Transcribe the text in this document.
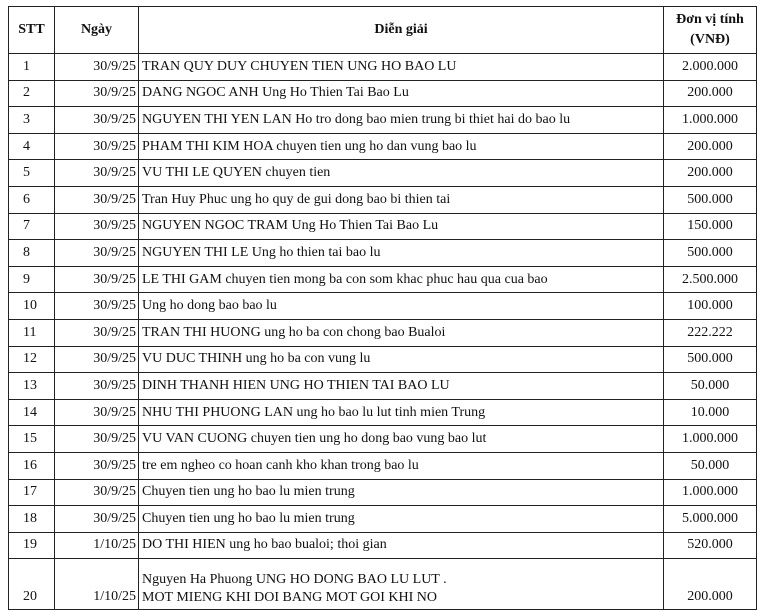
STT	Ngày	Diễn giải	Đơn vị tính
(VNĐ)

1	30/9/25	TRAN QUY DUY CHUYEN TIEN UNG HO BAO LU	2.000.000
2	30/9/25	DANG NGOC ANH Ung Ho Thien Tai Bao Lu	200.000
3	30/9/25	NGUYEN THI YEN LAN Ho tro dong bao mien trung bi thiet hai do bao lu	1.000.000
4	30/9/25	PHAM THI KIM HOA chuyen tien ung ho dan vung bao lu	200.000
5	30/9/25	VU THI LE QUYEN chuyen tien	200.000
6	30/9/25	Tran Huy Phuc ung ho quy de gui dong bao bi thien tai	500.000
7	30/9/25	NGUYEN NGOC TRAM Ung Ho Thien Tai Bao Lu	150.000
8	30/9/25	NGUYEN THI LE Ung ho thien tai bao lu	500.000
9	30/9/25	LE THI GAM chuyen tien mong ba con som khac phuc hau qua cua bao	2.500.000
10	30/9/25	Ung ho dong bao bao lu	100.000
11	30/9/25	TRAN THI HUONG ung ho ba con chong bao Bualoi	222.222
12	30/9/25	VU DUC THINH ung ho ba con vung lu	500.000
13	30/9/25	DINH THANH HIEN UNG HO THIEN TAI BAO LU	50.000
14	30/9/25	NHU THI PHUONG LAN ung ho bao lu lut tinh mien Trung	10.000
15	30/9/25	VU VAN CUONG chuyen tien ung ho dong bao vung bao lut	1.000.000
16	30/9/25	tre em ngheo co hoan canh kho khan trong bao lu	50.000
17	30/9/25	Chuyen tien ung ho bao lu mien trung	1.000.000
18	30/9/25	Chuyen tien ung ho bao lu mien trung	5.000.000
19	1/10/25	DO THI HIEN ung ho bao bualoi; thoi gian	520.000
20	1/10/25	Nguyen Ha Phuong UNG HO DONG BAO LU LUT .
MOT MIENG KHI DOI BANG MOT GOI KHI NO	200.000
